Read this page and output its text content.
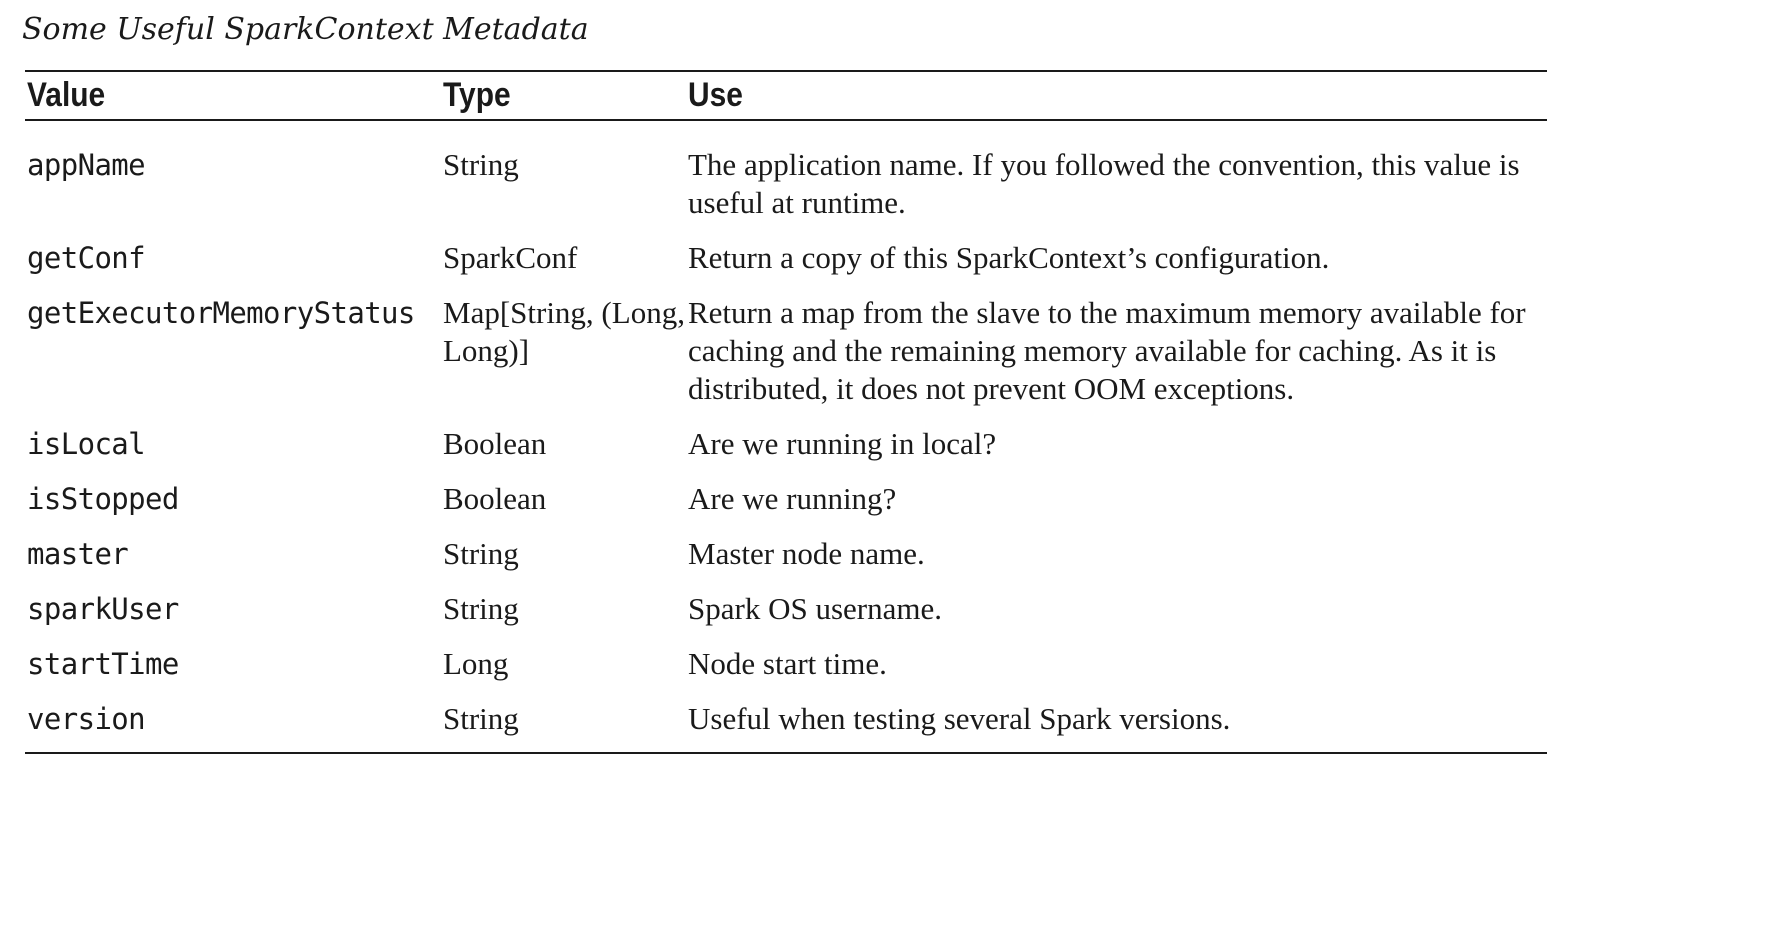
Some Useful SparkContext Metadata
Value	Type	Use
appName	String	The application name. If you followed the convention, this value is useful at runtime.
getConf	SparkConf	Return a copy of this SparkContext’s configuration.
getExecutorMemoryStatus	Map[String, (Long, Long)]	Return a map from the slave to the maximum memory available for caching and the remaining memory available for caching. As it is distributed, it does not prevent OOM exceptions.
isLocal	Boolean	Are we running in local?
isStopped	Boolean	Are we running?
master	String	Master node name.
sparkUser	String	Spark OS username.
startTime	Long	Node start time.
version	String	Useful when testing several Spark versions.
